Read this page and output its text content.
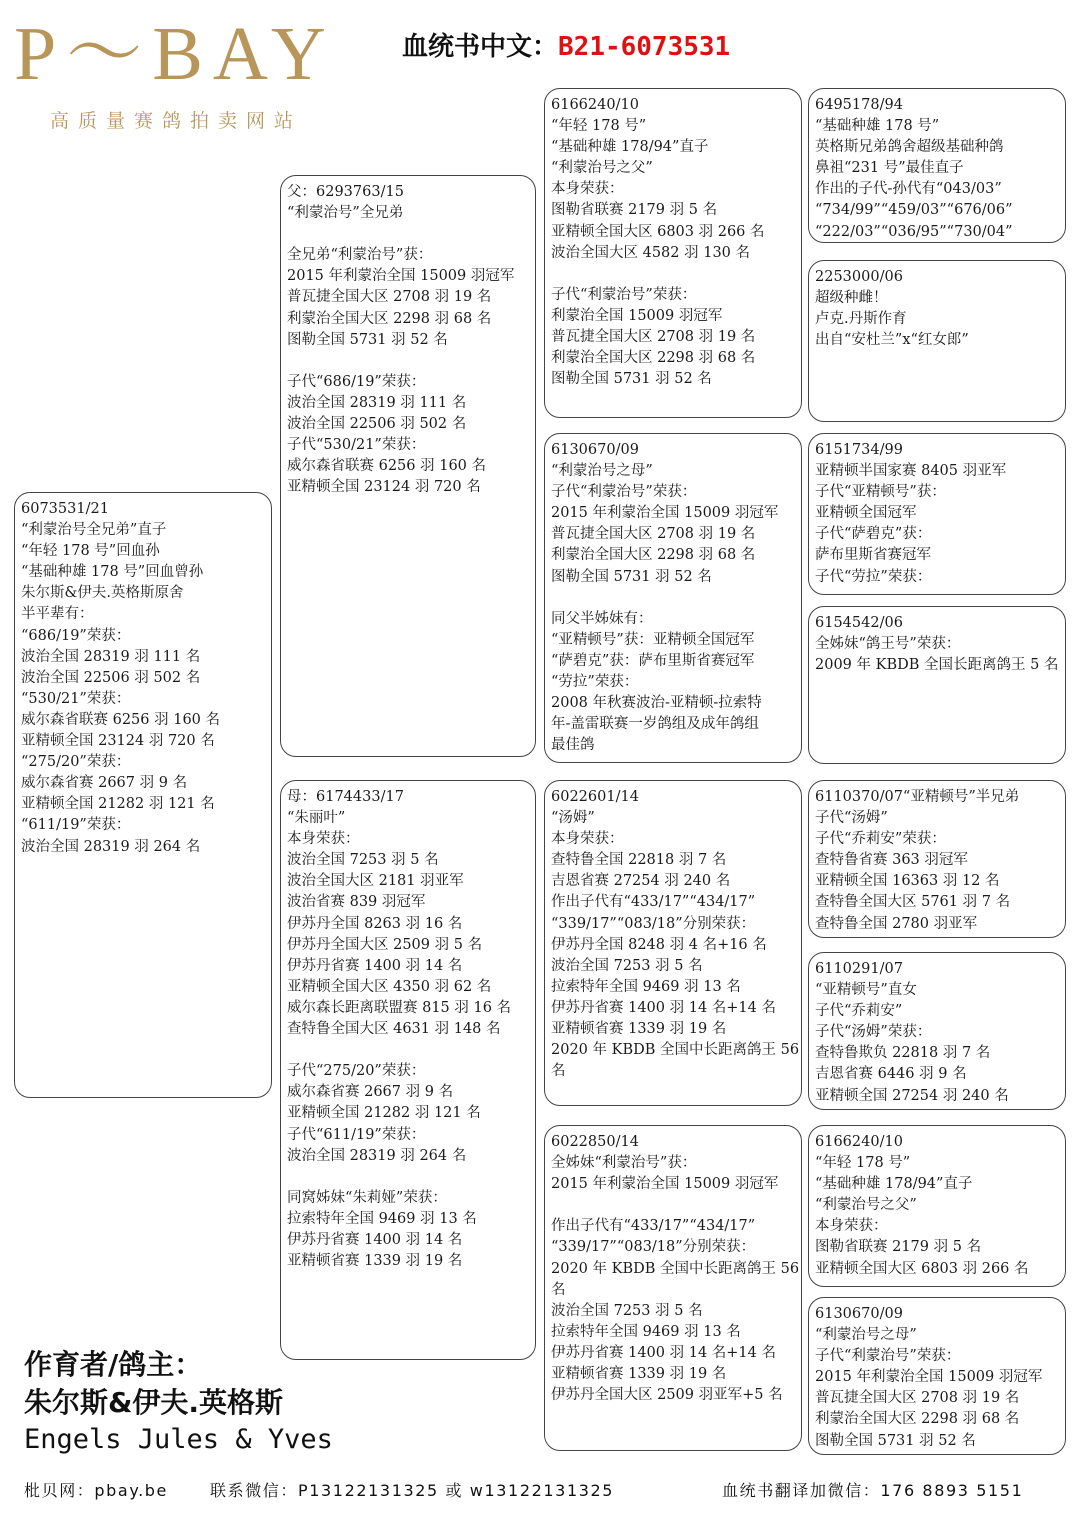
P～BAY
高质量赛鸽拍卖网站
血统书中文：B21-6073531
6073531/21
“利蒙治号全兄弟”直子
“年轻 178 号”回血孙
“基础种雄 178 号”回血曾孙
朱尔斯&伊夫.英格斯原舍
半平辈有：
“686/19”荣获：
波治全国 28319 羽 111 名
波治全国 22506 羽 502 名
“530/21”荣获：
威尔森省联赛 6256 羽 160 名
亚精顿全国 23124 羽 720 名
“275/20”荣获：
威尔森省赛 2667 羽 9 名
亚精顿全国 21282 羽 121 名
“611/19”荣获：
波治全国 28319 羽 264 名
父：6293763/15
“利蒙治号”全兄弟
全兄弟“利蒙治号”获：
2015 年利蒙治全国 15009 羽冠军
普瓦捷全国大区 2708 羽 19 名
利蒙治全国大区 2298 羽 68 名
图勒全国 5731 羽 52 名
子代“686/19”荣获：
波治全国 28319 羽 111 名
波治全国 22506 羽 502 名
子代“530/21”荣获：
威尔森省联赛 6256 羽 160 名
亚精顿全国 23124 羽 720 名
母：6174433/17
“朱丽叶”
本身荣获：
波治全国 7253 羽 5 名
波治全国大区 2181 羽亚军
波治省赛 839 羽冠军
伊苏丹全国 8263 羽 16 名
伊苏丹全国大区 2509 羽 5 名
伊苏丹省赛 1400 羽 14 名
亚精顿全国大区 4350 羽 62 名
威尔森长距离联盟赛 815 羽 16 名
查特鲁全国大区 4631 羽 148 名
子代“275/20”荣获：
威尔森省赛 2667 羽 9 名
亚精顿全国 21282 羽 121 名
子代“611/19”荣获：
波治全国 28319 羽 264 名
同窝姊妹“朱莉娅”荣获：
拉索特年全国 9469 羽 13 名
伊苏丹省赛 1400 羽 14 名
亚精顿省赛 1339 羽 19 名
6166240/10
“年轻 178 号”
“基础种雄 178/94”直子
“利蒙治号之父”
本身荣获：
图勒省联赛 2179 羽 5 名
亚精顿全国大区 6803 羽 266 名
波治全国大区 4582 羽 130 名
子代“利蒙治号”荣获：
利蒙治全国 15009 羽冠军
普瓦捷全国大区 2708 羽 19 名
利蒙治全国大区 2298 羽 68 名
图勒全国 5731 羽 52 名
6130670/09
“利蒙治号之母”
子代“利蒙治号”荣获：
2015 年利蒙治全国 15009 羽冠军
普瓦捷全国大区 2708 羽 19 名
利蒙治全国大区 2298 羽 68 名
图勒全国 5731 羽 52 名
同父半姊妹有：
“亚精顿号”获：亚精顿全国冠军
“萨碧克”获：萨布里斯省赛冠军
“劳拉”荣获：
2008 年秋赛波治-亚精顿-拉索特
年-盖雷联赛一岁鸽组及成年鸽组
最佳鸽
6022601/14
“汤姆”
本身荣获：
查特鲁全国 22818 羽 7 名
吉恩省赛 27254 羽 240 名
作出子代有“433/17”“434/17”
“339/17”“083/18”分别荣获：
伊苏丹全国 8248 羽 4 名+16 名
波治全国 7253 羽 5 名
拉索特年全国 9469 羽 13 名
伊苏丹省赛 1400 羽 14 名+14 名
亚精顿省赛 1339 羽 19 名
2020 年 KBDB 全国中长距离鸽王 56
名
6022850/14
全姊妹“利蒙治号”获：
2015 年利蒙治全国 15009 羽冠军
作出子代有“433/17”“434/17”
“339/17”“083/18”分别荣获：
2020 年 KBDB 全国中长距离鸽王 56
名
波治全国 7253 羽 5 名
拉索特年全国 9469 羽 13 名
伊苏丹省赛 1400 羽 14 名+14 名
亚精顿省赛 1339 羽 19 名
伊苏丹全国大区 2509 羽亚军+5 名
6495178/94
“基础种雄 178 号”
英格斯兄弟鸽舍超级基础种鸽
鼻祖“231 号”最佳直子
作出的子代-孙代有“043/03”
“734/99”“459/03”“676/06”
“222/03”“036/95”“730/04”
2253000/06
超级种雌！
卢克.丹斯作育
出自“安杜兰”x“红女郎”
6151734/99
亚精顿半国家赛 8405 羽亚军
子代“亚精顿号”获：
亚精顿全国冠军
子代“萨碧克”获：
萨布里斯省赛冠军
子代“劳拉”荣获：
6154542/06
全姊妹“鸽王号”荣获：
2009 年 KBDB 全国长距离鸽王 5 名
6110370/07“亚精顿号”半兄弟
子代“汤姆”
子代“乔莉安”荣获：
查特鲁省赛 363 羽冠军
亚精顿全国 16363 羽 12 名
查特鲁全国大区 5761 羽 7 名
查特鲁全国 2780 羽亚军
6110291/07
“亚精顿号”直女
子代“乔莉安”
子代“汤姆”荣获：
查特鲁欺负 22818 羽 7 名
吉恩省赛 6446 羽 9 名
亚精顿全国 27254 羽 240 名
6166240/10
“年轻 178 号”
“基础种雄 178/94”直子
“利蒙治号之父”
本身荣获：
图勒省联赛 2179 羽 5 名
亚精顿全国大区 6803 羽 266 名
6130670/09
“利蒙治号之母”
子代“利蒙治号”荣获：
2015 年利蒙治全国 15009 羽冠军
普瓦捷全国大区 2708 羽 19 名
利蒙治全国大区 2298 羽 68 名
图勒全国 5731 羽 52 名
作育者/鸽主：
朱尔斯&伊夫.英格斯
Engels Jules & Yves
枇贝网：pbay.be	联系微信：P13122131325 或 w13122131325	血统书翻译加微信：176 8893 5151
